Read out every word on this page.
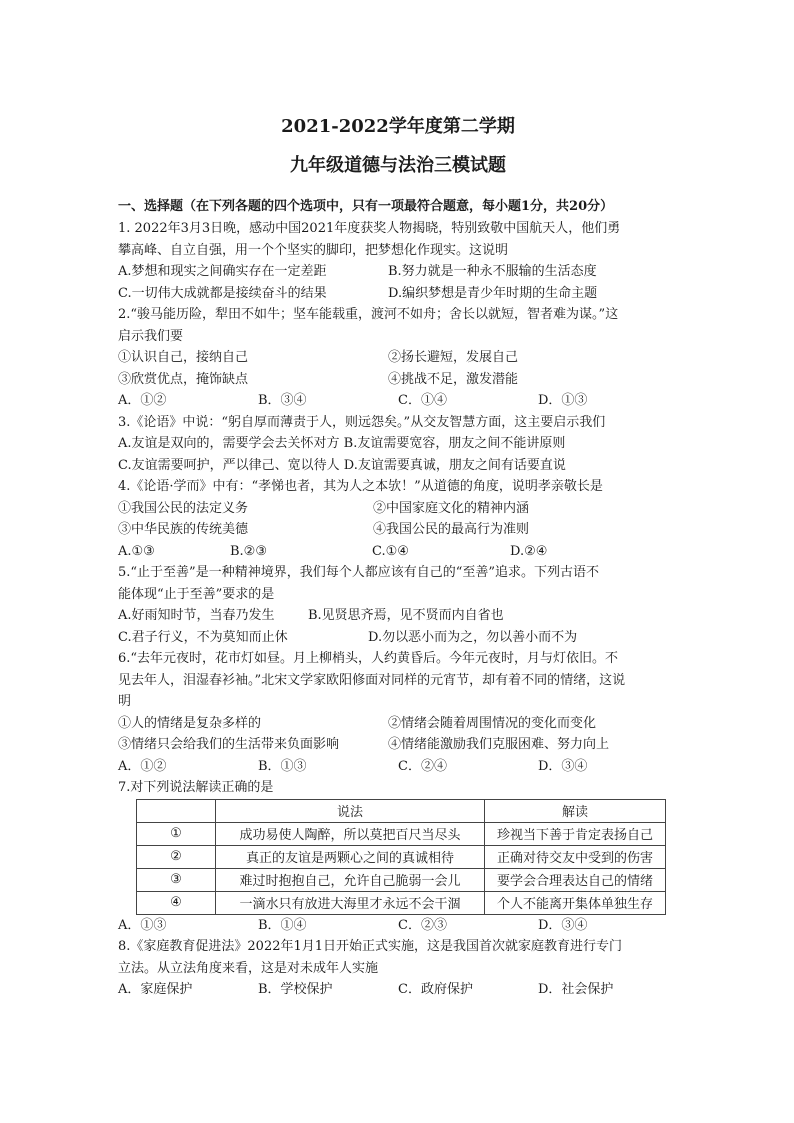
2021-2022学年度第二学期
九年级道德与法治三模试题
一、选择题（在下列各题的四个选项中，只有一项最符合题意，每小题1分，共20分）
1. 2022年3月3日晚，感动中国2021年度获奖人物揭晓，特别致敬中国航天人，他们勇
攀高峰、自立自强，用一个个坚实的脚印，把梦想化作现实。这说明
A.梦想和现实之间确实存在一定差距	B.努力就是一种永不服输的生活态度
C.一切伟大成就都是接续奋斗的结果	D.编织梦想是青少年时期的生命主题
2.“骏马能历险，犁田不如牛；坚车能载重，渡河不如舟；舍长以就短，智者难为谋。”这
启示我们要
①认识自己，接纳自己	②扬长避短，发展自己
③欣赏优点，掩饰缺点	④挑战不足，激发潜能
A．①②	B．③④	C．①④	D．①③
3.《论语》中说：“躬自厚而薄责于人，则远怨矣。”从交友智慧方面，这主要启示我们
A.友谊是双向的，需要学会去关怀对方 B.友谊需要宽容，朋友之间不能讲原则
C.友谊需要呵护，严以律己、宽以待人 D.友谊需要真诚，朋友之间有话要直说
4.《论语·学而》中有：“孝悌也者，其为人之本欤！”从道德的角度，说明孝亲敬长是
①我国公民的法定义务	②中国家庭文化的精神内涵
③中华民族的传统美德	④我国公民的最高行为准则
A.①③	B.②③	C.①④	D.②④
5.“止于至善”是一种精神境界，我们每个人都应该有自己的“至善”追求。下列古语不
能体现“止于至善”要求的是
A.好雨知时节，当春乃发生	B.见贤思齐焉，见不贤而内自省也
C.君子行义，不为莫知而止休	D.勿以恶小而为之，勿以善小而不为
6.“去年元夜时，花市灯如昼。月上柳梢头，人约黄昏后。今年元夜时，月与灯依旧。不
见去年人，泪湿春衫袖。”北宋文学家欧阳修面对同样的元宵节，却有着不同的情绪，这说
明
①人的情绪是复杂多样的	②情绪会随着周围情况的变化而变化
③情绪只会给我们的生活带来负面影响	④情绪能激励我们克服困难、努力向上
A．①②	B．①③	C．②④	D．③④
7.对下列说法解读正确的是
	说法	解读
①	成功易使人陶醉，所以莫把百尺当尽头	珍视当下善于肯定表扬自己
②	真正的友谊是两颗心之间的真诚相待	正确对待交友中受到的伤害
③	难过时抱抱自己，允许自己脆弱一会儿	要学会合理表达自己的情绪
④	一滴水只有放进大海里才永远不会干涸	个人不能离开集体单独生存
A．①③	B．①④	C．②③	D．③④
8.《家庭教育促进法》2022年1月1日开始正式实施，这是我国首次就家庭教育进行专门
立法。从立法角度来看，这是对未成年人实施
A．家庭保护	B．学校保护	C．政府保护	D．社会保护
